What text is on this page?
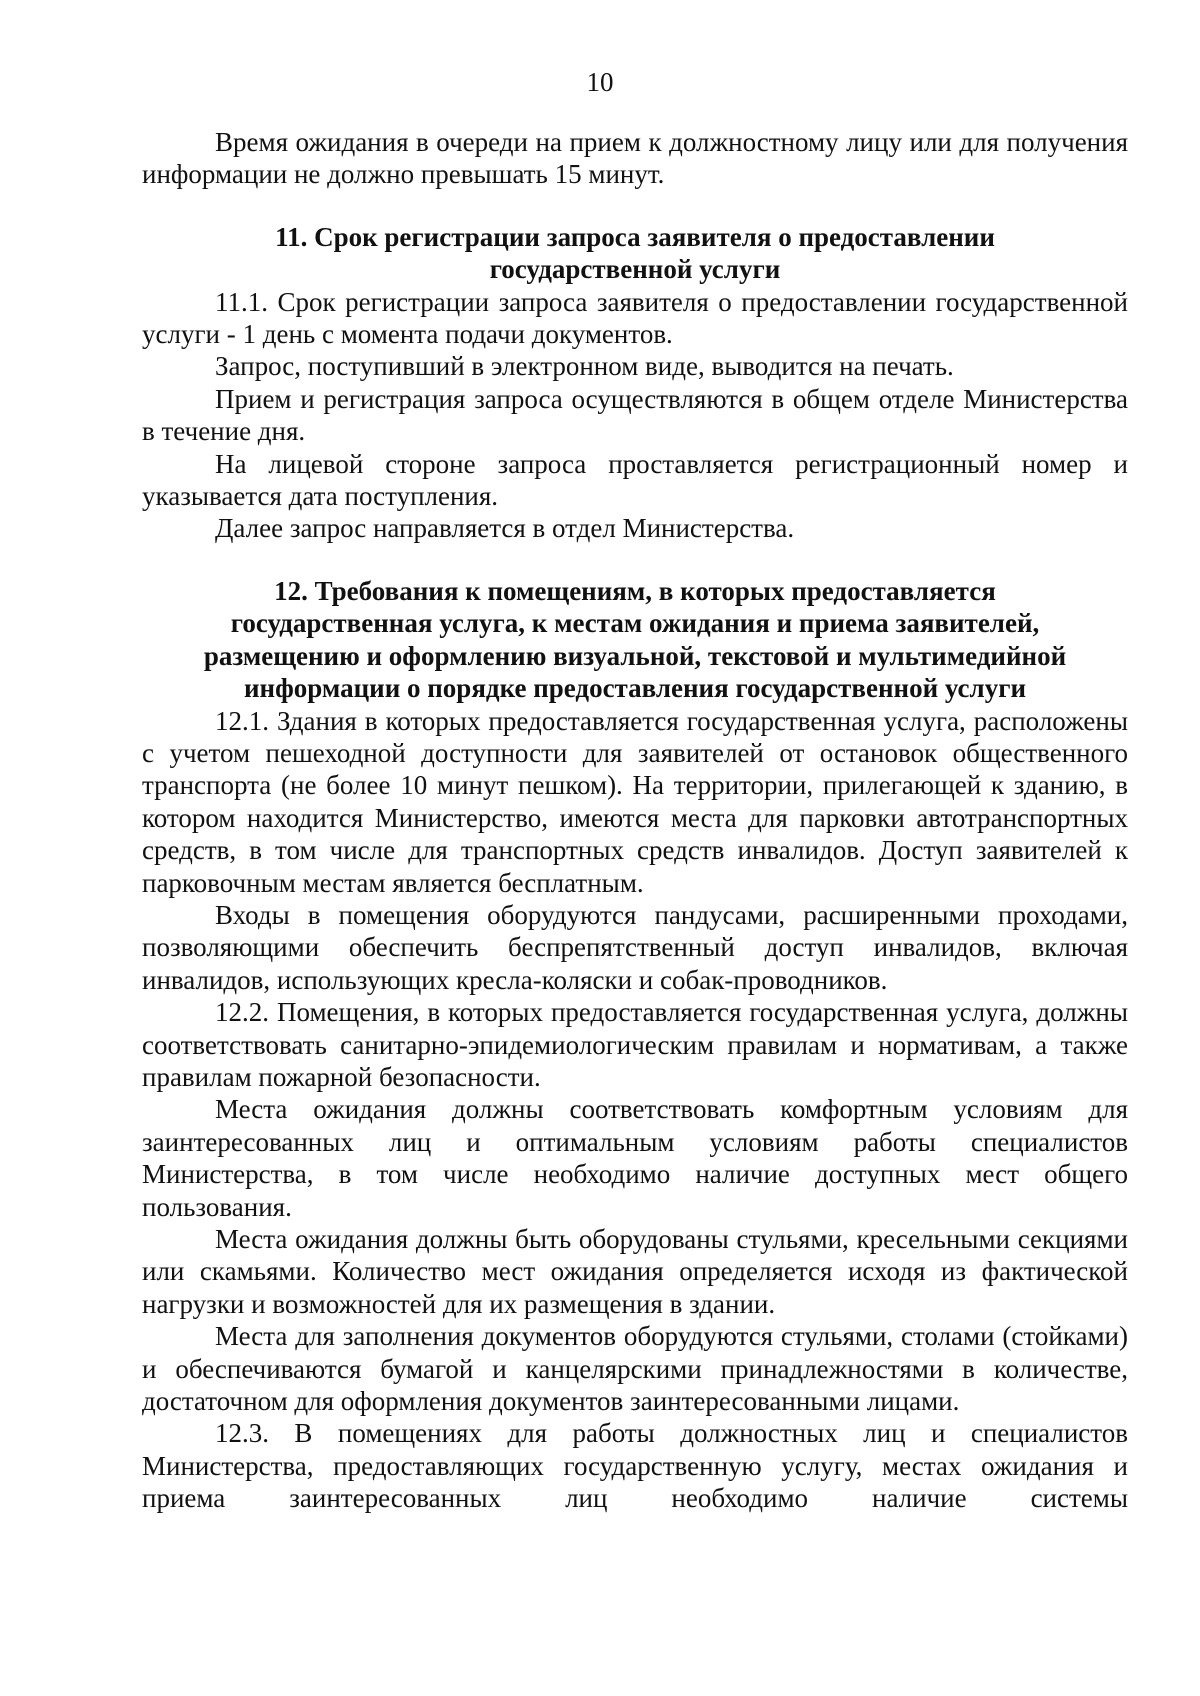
10

Время ожидания в очереди на прием к должностному лицу или для получения информации не должно превышать 15 минут.

11. Срок регистрации запроса заявителя о предоставлении

государственной услуги

11.1. Срок регистрации запроса заявителя о предоставлении государственной услуги - 1 день с момента подачи документов.

Запрос, поступивший в электронном виде, выводится на печать.

Прием и регистрация запроса осуществляются в общем отделе Министерства в течение дня.

На лицевой стороне запроса проставляется регистрационный номер и указывается дата поступления.

Далее запрос направляется в отдел Министерства.

12. Требования к помещениям, в которых предоставляется

государственная услуга, к местам ожидания и приема заявителей,

размещению и оформлению визуальной, текстовой и мультимедийной

информации о порядке предоставления государственной услуги

12.1. Здания в которых предоставляется государственная услуга, расположены с учетом пешеходной доступности для заявителей от остановок общественного транспорта (не более 10 минут пешком). На территории, прилегающей к зданию, в котором находится Министерство, имеются места для парковки автотранспортных средств, в том числе для транспортных средств инвалидов. Доступ заявителей к парковочным местам является бесплатным.

Входы в помещения оборудуются пандусами, расширенными проходами, позволяющими обеспечить беспрепятственный доступ инвалидов, включая инвалидов, использующих кресла-коляски и собак-проводников.

12.2. Помещения, в которых предоставляется государственная услуга, должны соответствовать санитарно-эпидемиологическим правилам и нормативам, а также правилам пожарной безопасности.

Места ожидания должны соответствовать комфортным условиям для заинтересованных лиц и оптимальным условиям работы специалистов Министерства, в том числе необходимо наличие доступных мест общего пользования.

Места ожидания должны быть оборудованы стульями, кресельными секциями или скамьями. Количество мест ожидания определяется исходя из фактической нагрузки и возможностей для их размещения в здании.

Места для заполнения документов оборудуются стульями, столами (стойками) и обеспечиваются бумагой и канцелярскими принадлежностями в количестве, достаточном для оформления документов заинтересованными лицами.

12.3. В помещениях для работы должностных лиц и специалистов Министерства, предоставляющих государственную услугу, местах ожидания и приема заинтересованных лиц необходимо наличие системы
